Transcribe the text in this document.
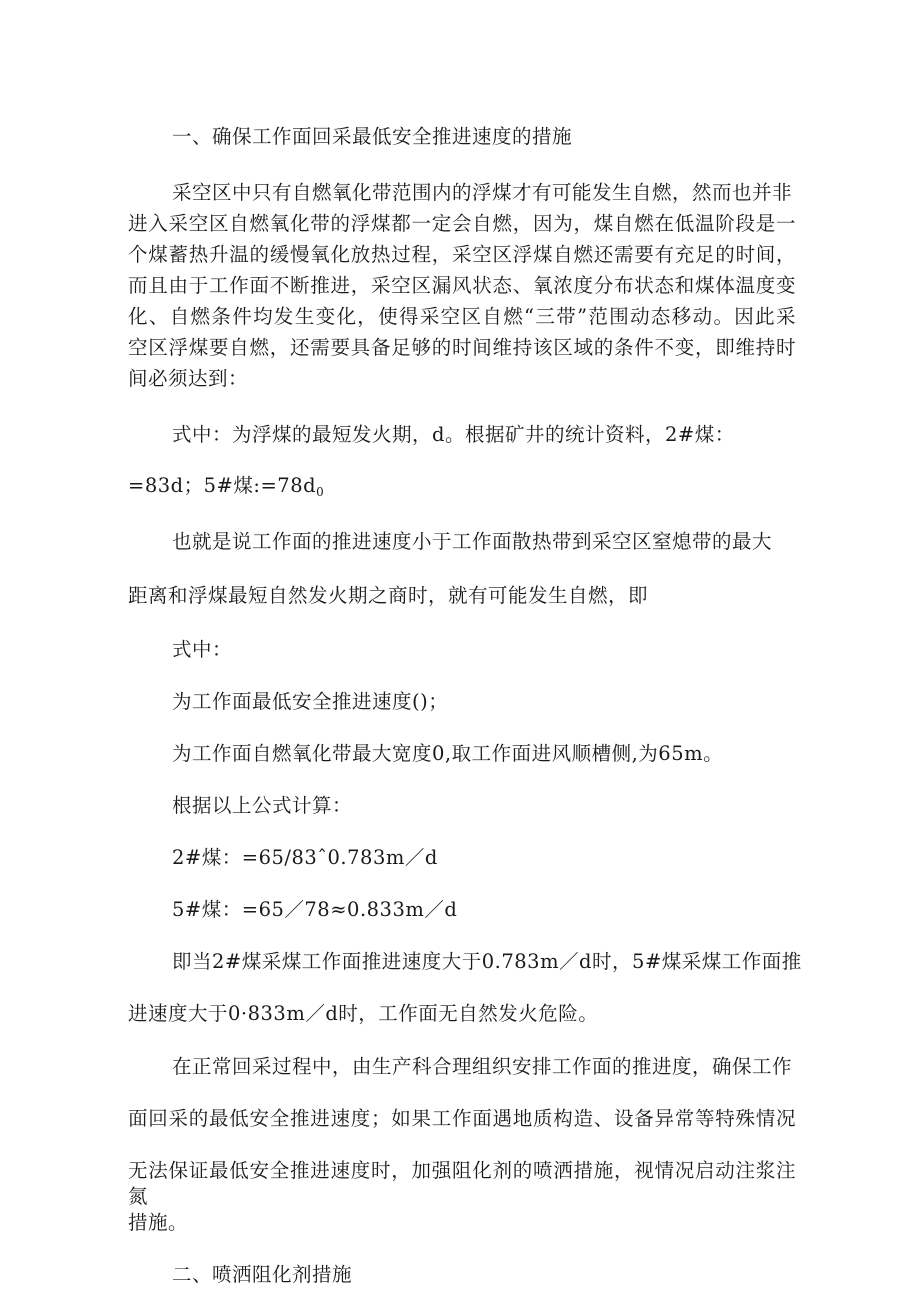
一、确保工作面回采最低安全推进速度的措施
采空区中只有自燃氧化带范围内的浮煤才有可能发生自燃，然而也并非
进入采空区自燃氧化带的浮煤都一定会自燃，因为，煤自燃在低温阶段是一
个煤蓄热升温的缓慢氧化放热过程，采空区浮煤自燃还需要有充足的时间，
而且由于工作面不断推进，采空区漏风状态、氧浓度分布状态和煤体温度变
化、自燃条件均发生变化，使得采空区自燃“三带”范围动态移动。因此采
空区浮煤要自燃，还需要具备足够的时间维持该区域的条件不变，即维持时
间必须达到：
式中：为浮煤的最短发火期，d。根据矿井的统计资料，2#煤：
=83d；5#煤$:=78d_0$
也就是说工作面的推进速度小于工作面散热带到采空区窒熄带的最大
距离和浮煤最短自然发火期之商时，就有可能发生自燃，即
式中：
为工作面最低安全推进速度()；
为工作面自燃氧化带最大宽度0,取工作面进风顺槽侧,为65m。
根据以上公式计算：
2#煤：=65/83ˆ0.783m／d
5#煤：=65／78≈0.833m／d
即当2#煤采煤工作面推进速度大于0.783m／d时，5#煤采煤工作面推
进速度大于0·833m／d时，工作面无自然发火危险。
在正常回采过程中，由生产科合理组织安排工作面的推进度，确保工作
面回采的最低安全推进速度；如果工作面遇地质构造、设备异常等特殊情况
无法保证最低安全推进速度时，加强阻化剂的喷洒措施，视情况启动注浆注氮
措施。
二、喷洒阻化剂措施
